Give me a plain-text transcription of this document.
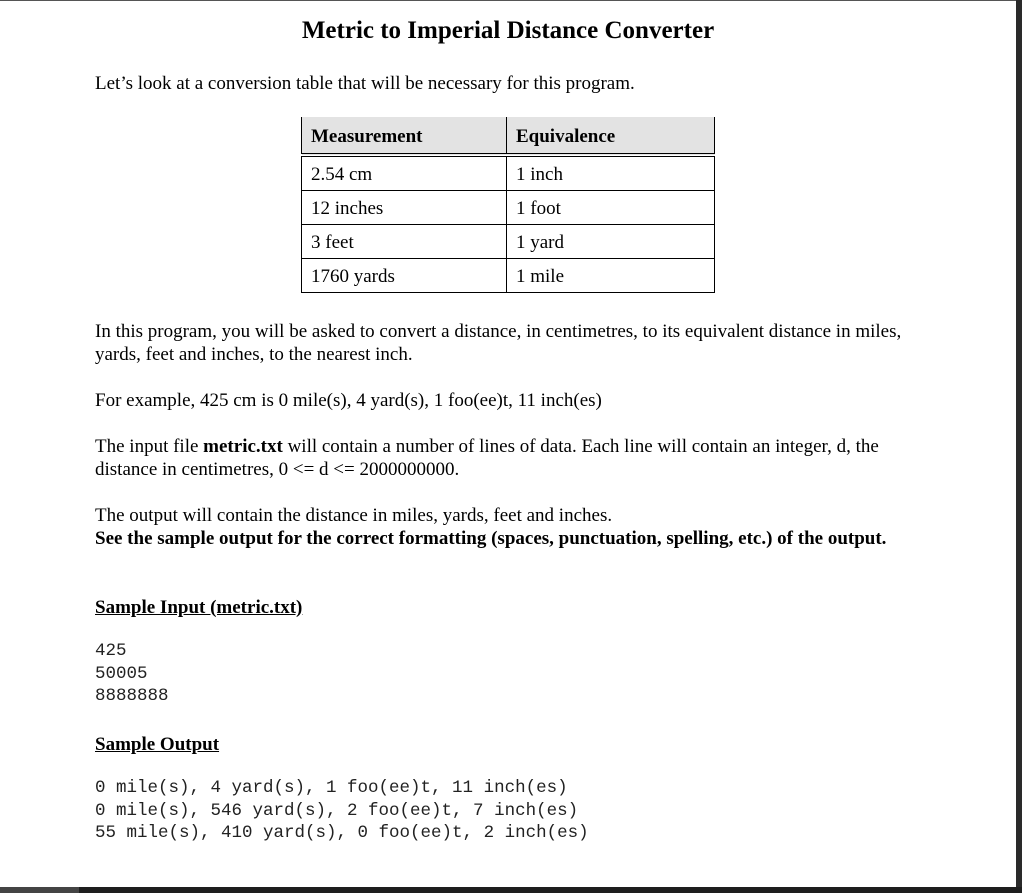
Metric to Imperial Distance Converter
Let’s look at a conversion table that will be necessary for this program.
Measurement	Equivalence
2.54 cm	1 inch
12 inches	1 foot
3 feet	1 yard
1760 yards	1 mile
In this program, you will be asked to convert a distance, in centimetres, to its equivalent distance in miles, yards, feet and inches, to the nearest inch.
For example, 425 cm is 0 mile(s), 4 yard(s), 1 foo(ee)t, 11 inch(es)
The input file metric.txt will contain a number of lines of data. Each line will contain an integer, d, the distance in centimetres, 0 <= d <= 2000000000.
The output will contain the distance in miles, yards, feet and inches.
See the sample output for the correct formatting (spaces, punctuation, spelling, etc.) of the output.
Sample Input (metric.txt)
425
50005
8888888
Sample Output
0 mile(s), 4 yard(s), 1 foo(ee)t, 11 inch(es)
0 mile(s), 546 yard(s), 2 foo(ee)t, 7 inch(es)
55 mile(s), 410 yard(s), 0 foo(ee)t, 2 inch(es)
